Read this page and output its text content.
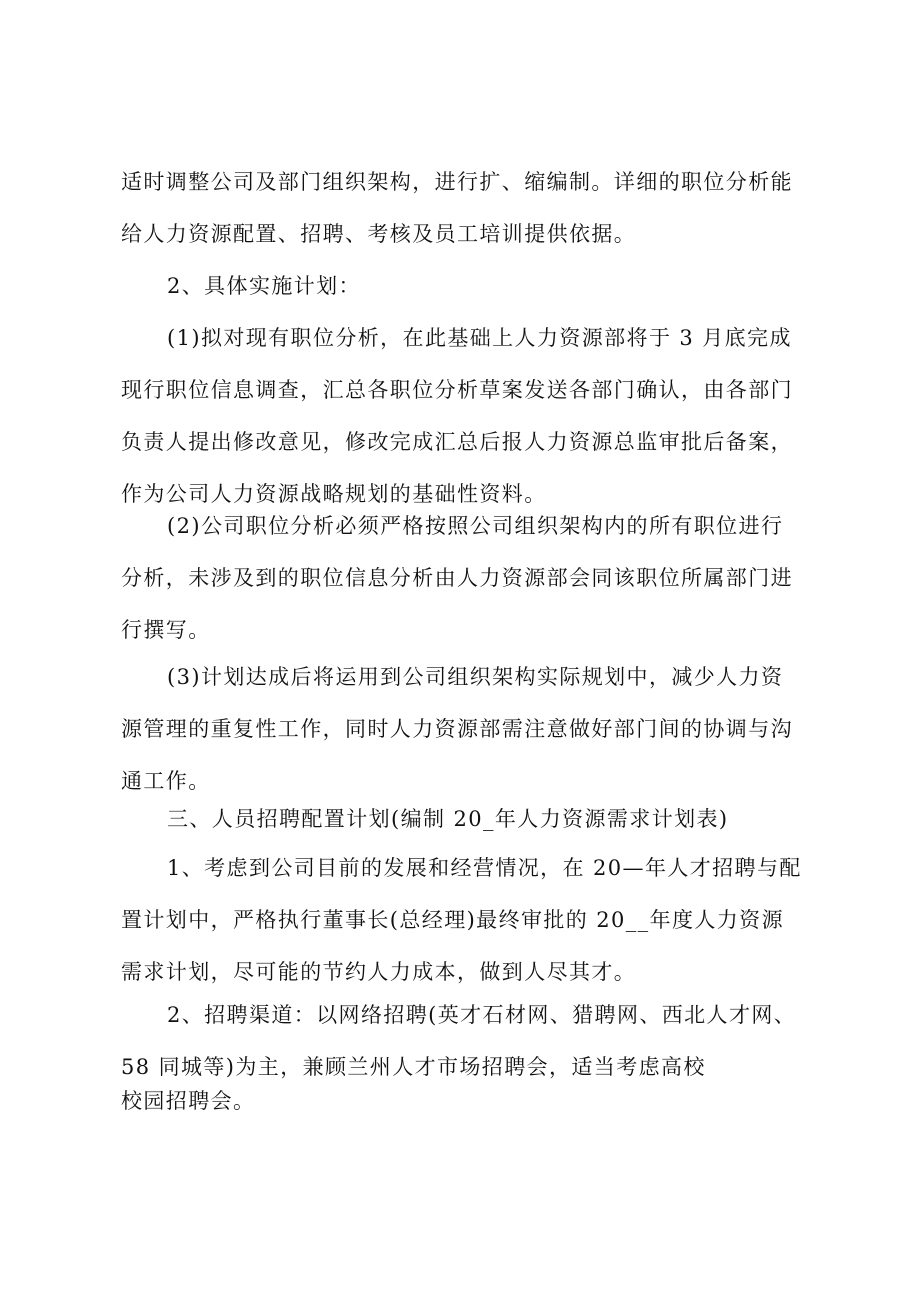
适时调整公司及部门组织架构，进行扩、缩编制。详细的职位分析能
给人力资源配置、招聘、考核及员工培训提供依据。

2、具体实施计划：

(1)拟对现有职位分析，在此基础上人力资源部将于 3 月底完成
现行职位信息调查，汇总各职位分析草案发送各部门确认，由各部门
负责人提出修改意见，修改完成汇总后报人力资源总监审批后备案，
作为公司人力资源战略规划的基础性资料。

(2)公司职位分析必须严格按照公司组织架构内的所有职位进行
分析，未涉及到的职位信息分析由人力资源部会同该职位所属部门进
行撰写。

(3)计划达成后将运用到公司组织架构实际规划中，减少人力资
源管理的重复性工作，同时人力资源部需注意做好部门间的协调与沟
通工作。

三、人员招聘配置计划(编制 20_年人力资源需求计划表)

1、考虑到公司目前的发展和经营情况，在 20—年人才招聘与配
置计划中，严格执行董事长(总经理)最终审批的 20__年度人力资源
需求计划，尽可能的节约人力成本，做到人尽其才。

2、招聘渠道：以网络招聘(英才石材网、猎聘网、西北人才网、
58 同城等)为主，兼顾兰州人才市场招聘会，适当考虑高校
校园招聘会。
